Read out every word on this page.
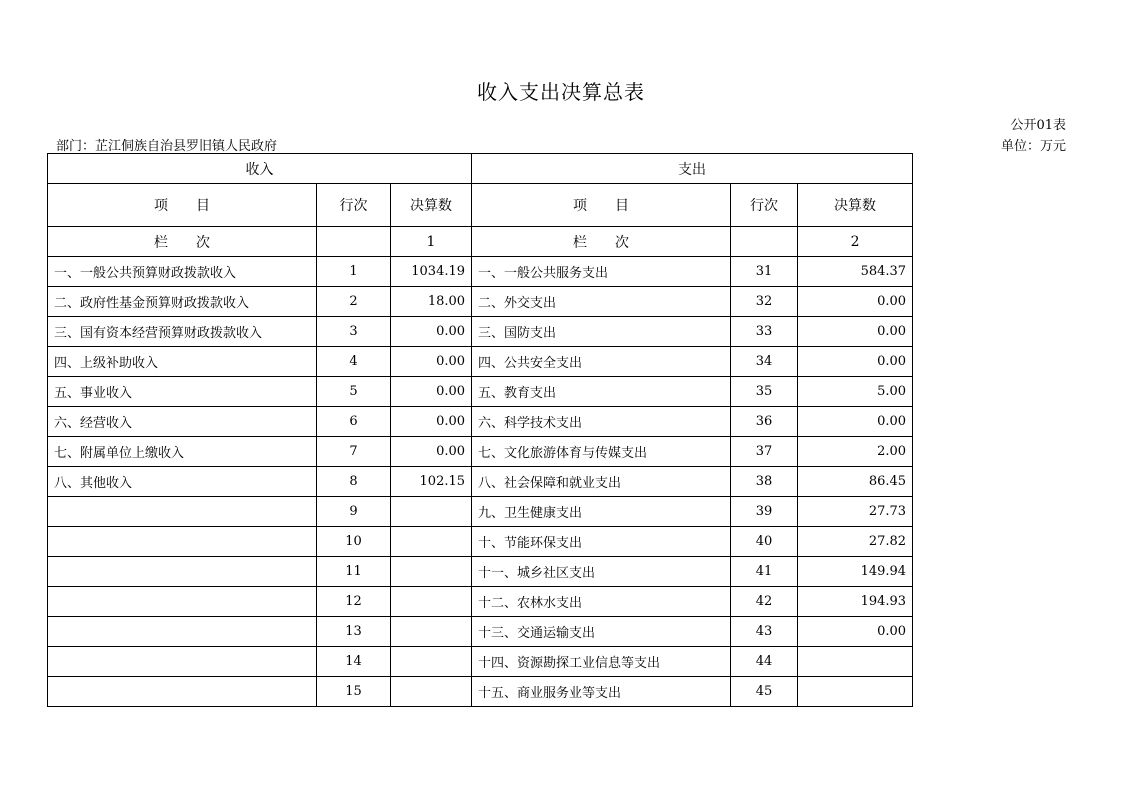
收入支出决算总表
公开01表
部门：芷江侗族自治县罗旧镇人民政府	单位：万元
收入			支出		
项　　目	行次	决算数	项　　目	行次	决算数
栏　　次		1	栏　　次		2
一、一般公共预算财政拨款收入	1	1034.19	一、一般公共服务支出	31	584.37
二、政府性基金预算财政拨款收入	2	18.00	二、外交支出	32	0.00
三、国有资本经营预算财政拨款收入	3	0.00	三、国防支出	33	0.00
四、上级补助收入	4	0.00	四、公共安全支出	34	0.00
五、事业收入	5	0.00	五、教育支出	35	5.00
六、经营收入	6	0.00	六、科学技术支出	36	0.00
七、附属单位上缴收入	7	0.00	七、文化旅游体育与传媒支出	37	2.00
八、其他收入	8	102.15	八、社会保障和就业支出	38	86.45
	9		九、卫生健康支出	39	27.73
	10		十、节能环保支出	40	27.82
	11		十一、城乡社区支出	41	149.94
	12		十二、农林水支出	42	194.93
	13		十三、交通运输支出	43	0.00
	14		十四、资源勘探工业信息等支出	44	
	15		十五、商业服务业等支出	45	
